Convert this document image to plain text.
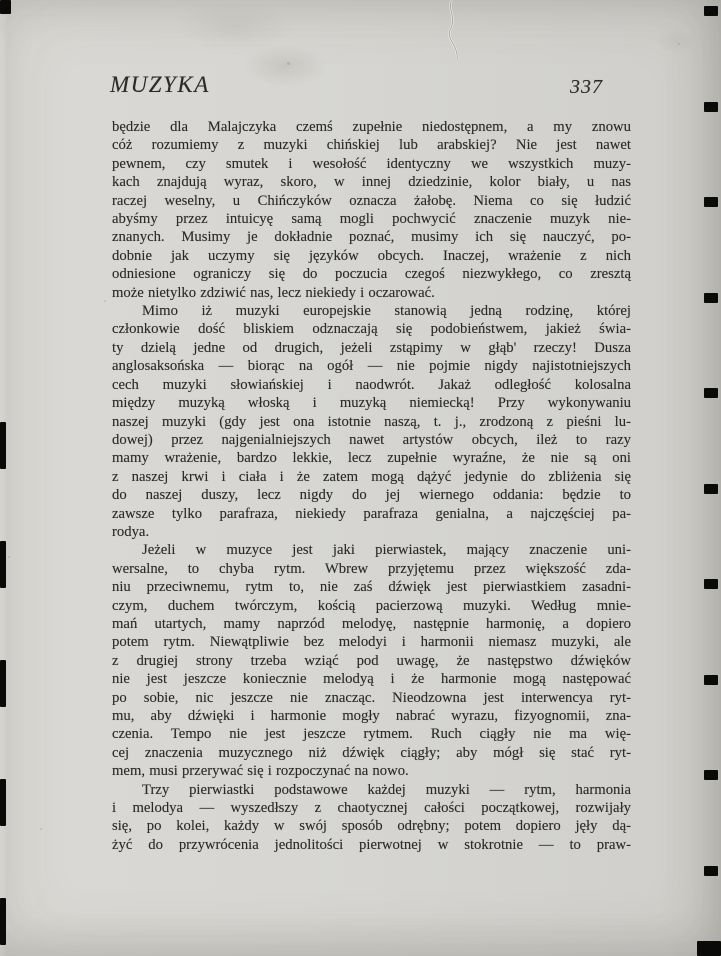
MUZYKA	337
będzie dla Malajczyka czemś zupełnie niedostępnem, a my znowu
cóż rozumiemy z muzyki chińskiej lub arabskiej? Nie jest nawet
pewnem, czy smutek i wesołość identyczny we wszystkich muzy-
kach znajdują wyraz, skoro, w innej dziedzinie, kolor biały, u nas
raczej weselny, u Chińczyków oznacza żałobę. Niema co się łudzić
abyśmy przez intuicyę samą mogli pochwycić znaczenie muzyk nie-
znanych. Musimy je dokładnie poznać, musimy ich się nauczyć, po-
dobnie jak uczymy się języków obcych. Inaczej, wrażenie z nich
odniesione ograniczy się do poczucia czegoś niezwykłego, co zresztą
może nietylko zdziwić nas, lecz niekiedy i oczarować.
Mimo iż muzyki europejskie stanowią jedną rodzinę, której
członkowie dość bliskiem odznaczają się podobieństwem, jakież świa-
ty dzielą jedne od drugich, jeżeli zstąpimy w głąb' rzeczy! Dusza
anglosaksońska — biorąc na ogół — nie pojmie nigdy najistotniejszych
cech muzyki słowiańskiej i naodwrót. Jakaż odległość kolosalna
między muzyką włoską i muzyką niemiecką! Przy wykonywaniu
naszej muzyki (gdy jest ona istotnie naszą, t. j., zrodzoną z pieśni lu-
dowej) przez najgenialniejszych nawet artystów obcych, ileż to razy
mamy wrażenie, bardzo lekkie, lecz zupełnie wyraźne, że nie są oni
z naszej krwi i ciała i że zatem mogą dążyć jedynie do zbliżenia się
do naszej duszy, lecz nigdy do jej wiernego oddania: będzie to
zawsze tylko parafraza, niekiedy parafraza genialna, a najczęściej pa-
rodya.
Jeżeli w muzyce jest jaki pierwiastek, mający znaczenie uni-
wersalne, to chyba rytm. Wbrew przyjętemu przez większość zda-
niu przeciwnemu, rytm to, nie zaś dźwięk jest pierwiastkiem zasadni-
czym, duchem twórczym, kością pacierzową muzyki. Według mnie-
mań utartych, mamy naprzód melodyę, następnie harmonię, a dopiero
potem rytm. Niewątpliwie bez melodyi i harmonii niemasz muzyki, ale
z drugiej strony trzeba wziąć pod uwagę, że następstwo dźwięków
nie jest jeszcze koniecznie melodyą i że harmonie mogą następować
po sobie, nic jeszcze nie znacząc. Nieodzowna jest interwencya ryt-
mu, aby dźwięki i harmonie mogły nabrać wyrazu, fizyognomii, zna-
czenia. Tempo nie jest jeszcze rytmem. Ruch ciągły nie ma wię-
cej znaczenia muzycznego niż dźwięk ciągły; aby mógł się stać ryt-
mem, musi przerywać się i rozpoczynać na nowo.
Trzy pierwiastki podstawowe każdej muzyki — rytm, harmonia
i melodya — wyszedłszy z chaotycznej całości początkowej, rozwijały
się, po kolei, każdy w swój sposób odrębny; potem dopiero jęły dą-
żyć do przywrócenia jednolitości pierwotnej w stokrotnie — to praw-
